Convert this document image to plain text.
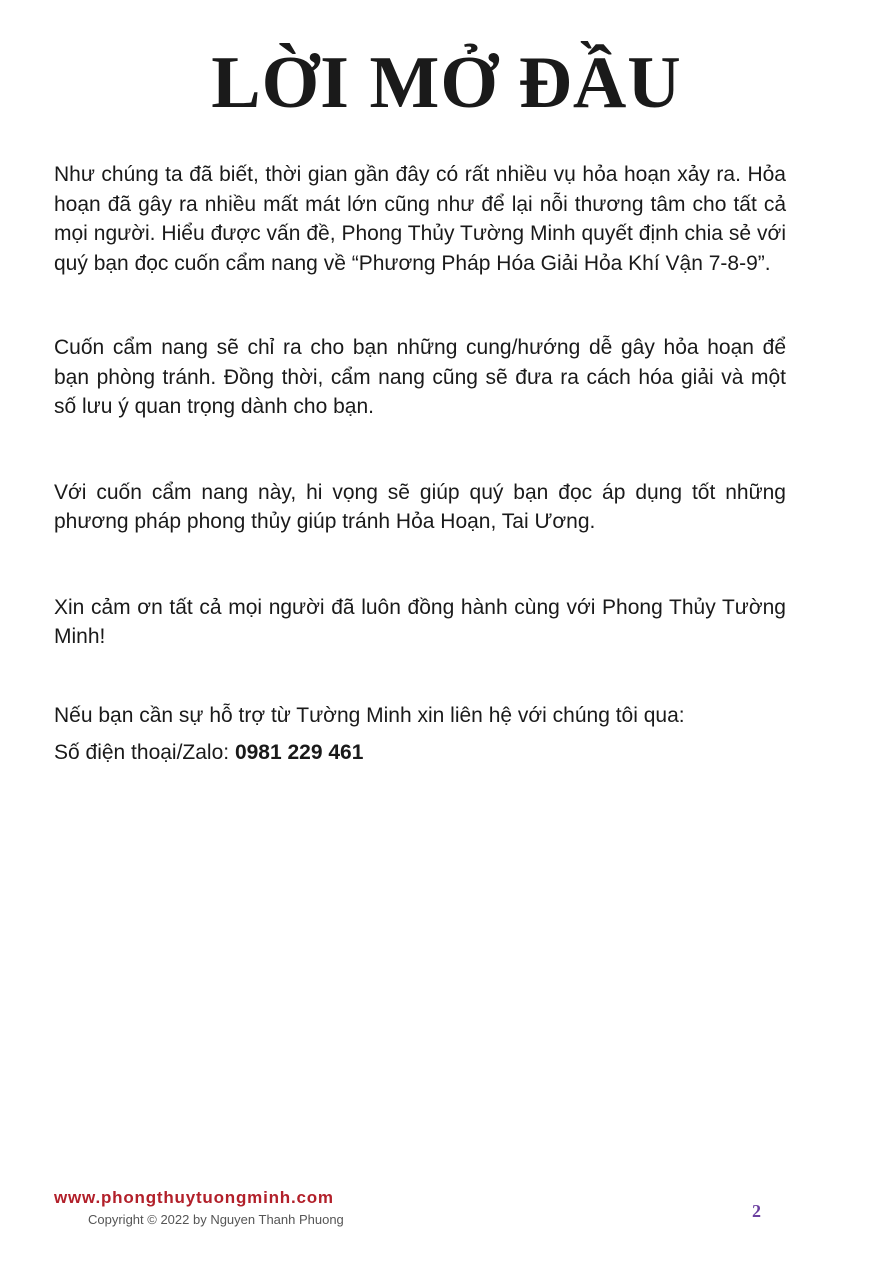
LỜI MỞ ĐẦU

Như chúng ta đã biết, thời gian gần đây có rất nhiều vụ hỏa hoạn xảy ra. Hỏa hoạn đã gây ra nhiều mất mát lớn cũng như để lại nỗi thương tâm cho tất cả mọi người. Hiểu được vấn đề, Phong Thủy Tường Minh quyết định chia sẻ với quý bạn đọc cuốn cẩm nang về “Phương Pháp Hóa Giải Hỏa Khí Vận 7-8-9”.

Cuốn cẩm nang sẽ chỉ ra cho bạn những cung/hướng dễ gây hỏa hoạn để bạn phòng tránh. Đồng thời, cẩm nang cũng sẽ đưa ra cách hóa giải và một số lưu ý quan trọng dành cho bạn.

Với cuốn cẩm nang này, hi vọng sẽ giúp quý bạn đọc áp dụng tốt những phương pháp phong thủy giúp tránh Hỏa Hoạn, Tai Ương.

Xin cảm ơn tất cả mọi người đã luôn đồng hành cùng với Phong Thủy Tường Minh!

Nếu bạn cần sự hỗ trợ từ Tường Minh xin liên hệ với chúng tôi qua:

Số điện thoại/Zalo: 0981 229 461

www.phongthuytuongminh.com

Copyright © 2022 by Nguyen Thanh Phuong	2
